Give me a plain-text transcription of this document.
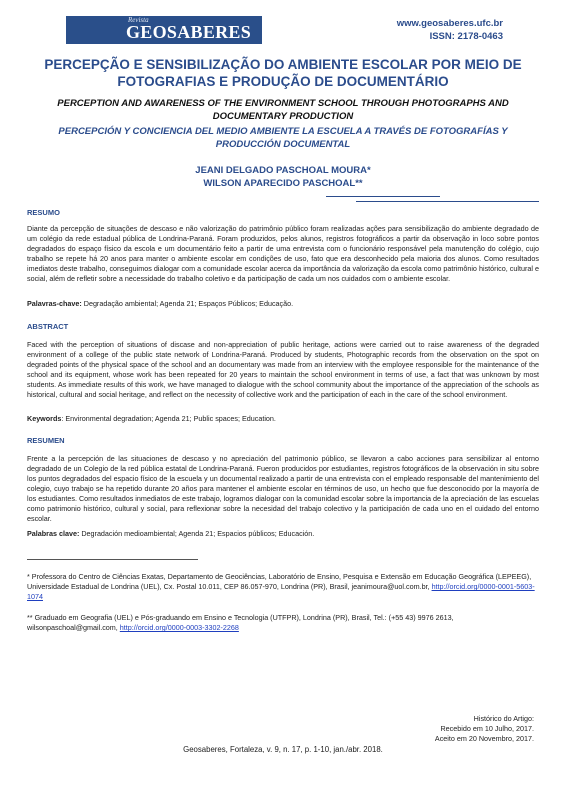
Revista
GEOSABERES	www.geosaberes.ufc.br
ISSN: 2178-0463
PERCEPÇÃO E SENSIBILIZAÇÃO DO AMBIENTE ESCOLAR POR MEIO DE FOTOGRAFIAS E PRODUÇÃO DE DOCUMENTÁRIO
PERCEPTION AND AWARENESS OF THE ENVIRONMENT SCHOOL THROUGH PHOTOGRAPHS AND DOCUMENTARY PRODUCTION
PERCEPCIÓN Y CONCIENCIA DEL MEDIO AMBIENTE LA ESCUELA A TRAVÉS DE FOTOGRAFÍAS Y PRODUCCIÓN DOCUMENTAL
JEANI DELGADO PASCHOAL MOURA*
WILSON APARECIDO PASCHOAL**
RESUMO

Diante da percepção de situações de descaso e não valorização do patrimônio público foram realizadas ações para sensibilização do ambiente degradado de um colégio da rede estadual pública de Londrina-Paraná. Foram produzidos, pelos alunos, registros fotográficos a partir da observação in loco sobre pontos degradados do espaço físico da escola e um documentário feito a partir de uma entrevista com o funcionário responsável pela manutenção do colégio, cujo trabalho se repete há 20 anos para manter o ambiente escolar em condições de uso, fato que era desconhecido pela maioria dos alunos. Como resultados imediatos deste trabalho, conseguimos dialogar com a comunidade escolar acerca da importância da valorização da escola como patrimônio histórico, cultural e social, além de refletir sobre a necessidade do trabalho coletivo e da participação de cada um nos cuidados com o ambiente escolar.

Palavras-chave: Degradação ambiental; Agenda 21; Espaços Públicos; Educação.
ABSTRACT

Faced with the perception of situations of discase and non-appreciation of public heritage, actions were carried out to raise awareness of the degraded environment of a college of the public state network of Londrina-Paraná. Produced by students, Photographic records from the observation on the spot on degraded points of the physical space of the school and an documentary was made from an interview with the employee responsible for the maintenance of the school and its equipment, whose work has been repeated for 20 years to maintain the school environment in terms of use, a fact that was unknown by most students. As immediate results of this work, we have managed to dialogue with the school community about the importance of the appreciation of the schools as historical, cultural and social heritage, and reflect on the necessity of collective work and the participation of each in the care of the school environment.

Keywords: Environmental degradation; Agenda 21; Public spaces; Education.
RESUMEN

Frente a la percepción de las situaciones de descaso y no apreciación del patrimonio público, se llevaron a cabo acciones para sensibilizar al entorno degradado de un Colegio de la red pública estatal de Londrina-Paraná. Fueron producidos por estudiantes, registros fotográficos de la observación in situ sobre los puntos degradados del espacio físico de la escuela y un documental realizado a partir de una entrevista con el empleado responsable del mantenimiento del colegio, cuyo trabajo se ha repetido durante 20 años para mantener el ambiente escolar en términos de uso, un hecho que fue desconocido por la mayoría de los estudiantes. Como resultados inmediatos de este trabajo, logramos dialogar con la comunidad escolar sobre la importancia de la apreciación de las escuelas como patrimonio histórico, cultural y social, para reflexionar sobre la necesidad del trabajo colectivo y la participación de cada uno en el cuidado del entorno escolar.

Palabras clave: Degradación medioambiental; Agenda 21; Espacios públicos; Educación.

* Professora do Centro de Ciências Exatas, Departamento de Geociências, Laboratório de Ensino, Pesquisa e Extensão em Educação Geográfica (LEPEEG), Universidade Estadual de Londrina (UEL), Cx. Postal 10.011, CEP 86.057-970, Londrina (PR), Brasil, jeanimoura@uol.com.br, http://orcid.org/0000-0001-5603-1074

** Graduado em Geografia (UEL) e Pós-graduando em Ensino e Tecnologia (UTFPR), Londrina (PR), Brasil, Tel.: (+55 43) 9976 2613, wilsonpaschoal@gmail.com, http://orcid.org/0000-0003-3302-2268

Histórico do Artigo:
Recebido em 10 Julho, 2017.
Aceito em 20 Novembro, 2017.
Geosaberes, Fortaleza, v. 9, n. 17, p. 1-10, jan./abr. 2018.
